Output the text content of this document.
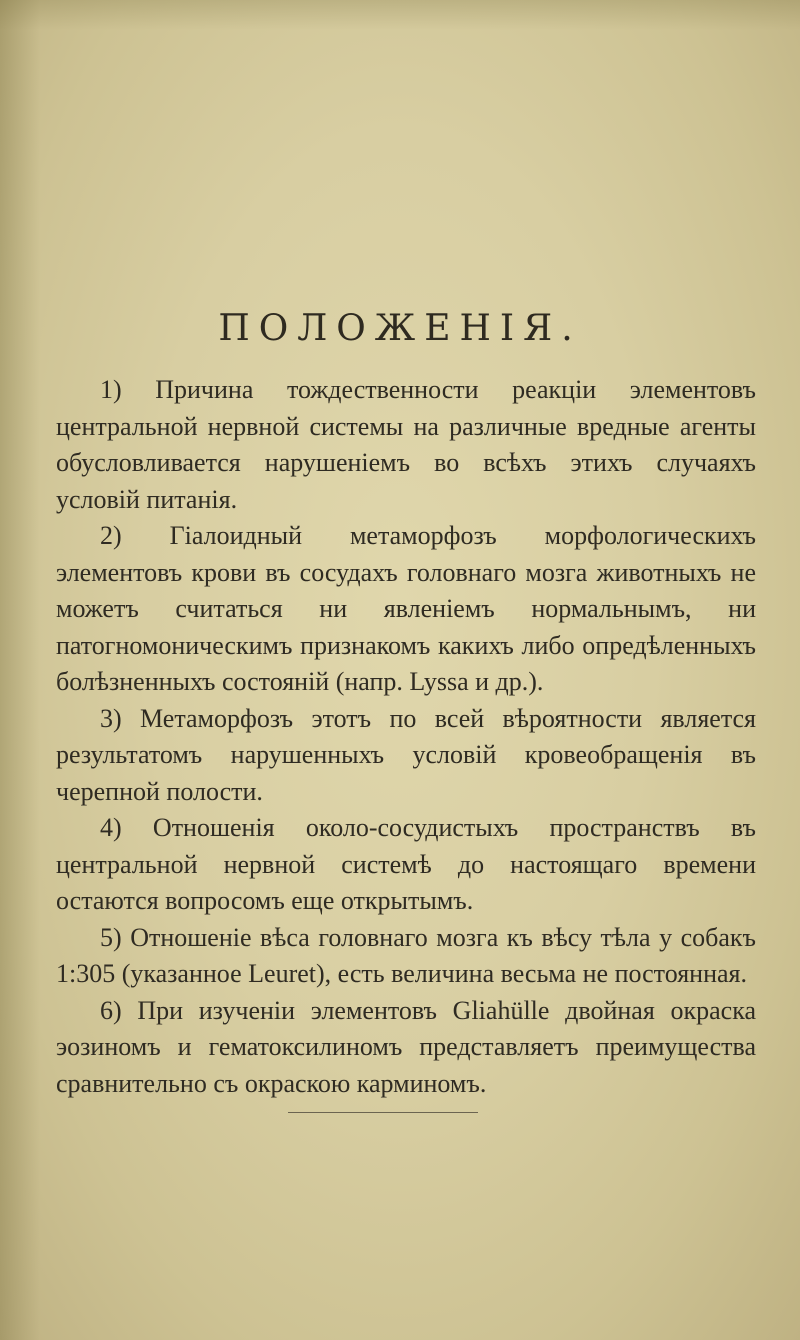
ПОЛОЖЕНІЯ.
1) Причина тождественности реакціи элементовъ центральной нервной системы на различные вредные агенты обусловливается нарушеніемъ во всѣхъ этихъ случаяхъ условій питанія.
2) Гіалоидный метаморфозъ морфологическихъ элементовъ крови въ сосудахъ головнаго мозга животныхъ не можетъ считаться ни явленіемъ нормальнымъ, ни патогномоническимъ признакомъ какихъ либо опредѣленныхъ болѣзненныхъ состояній (напр. Lyssa и др.).
3) Метаморфозъ этотъ по всей вѣроятности является результатомъ нарушенныхъ условій кровеобращенія въ черепной полости.
4) Отношенія около-сосудистыхъ пространствъ въ центральной нервной системѣ до настоящаго времени остаются вопросомъ еще открытымъ.
5) Отношеніе вѣса головнаго мозга къ вѣсу тѣла у собакъ 1:305 (указанное Leuret), есть величина весьма не постоянная.
6) При изученіи элементовъ Gliahülle двойная окраска эозиномъ и гематоксилиномъ представляетъ преимущества сравнительно съ окраскою карминомъ.
